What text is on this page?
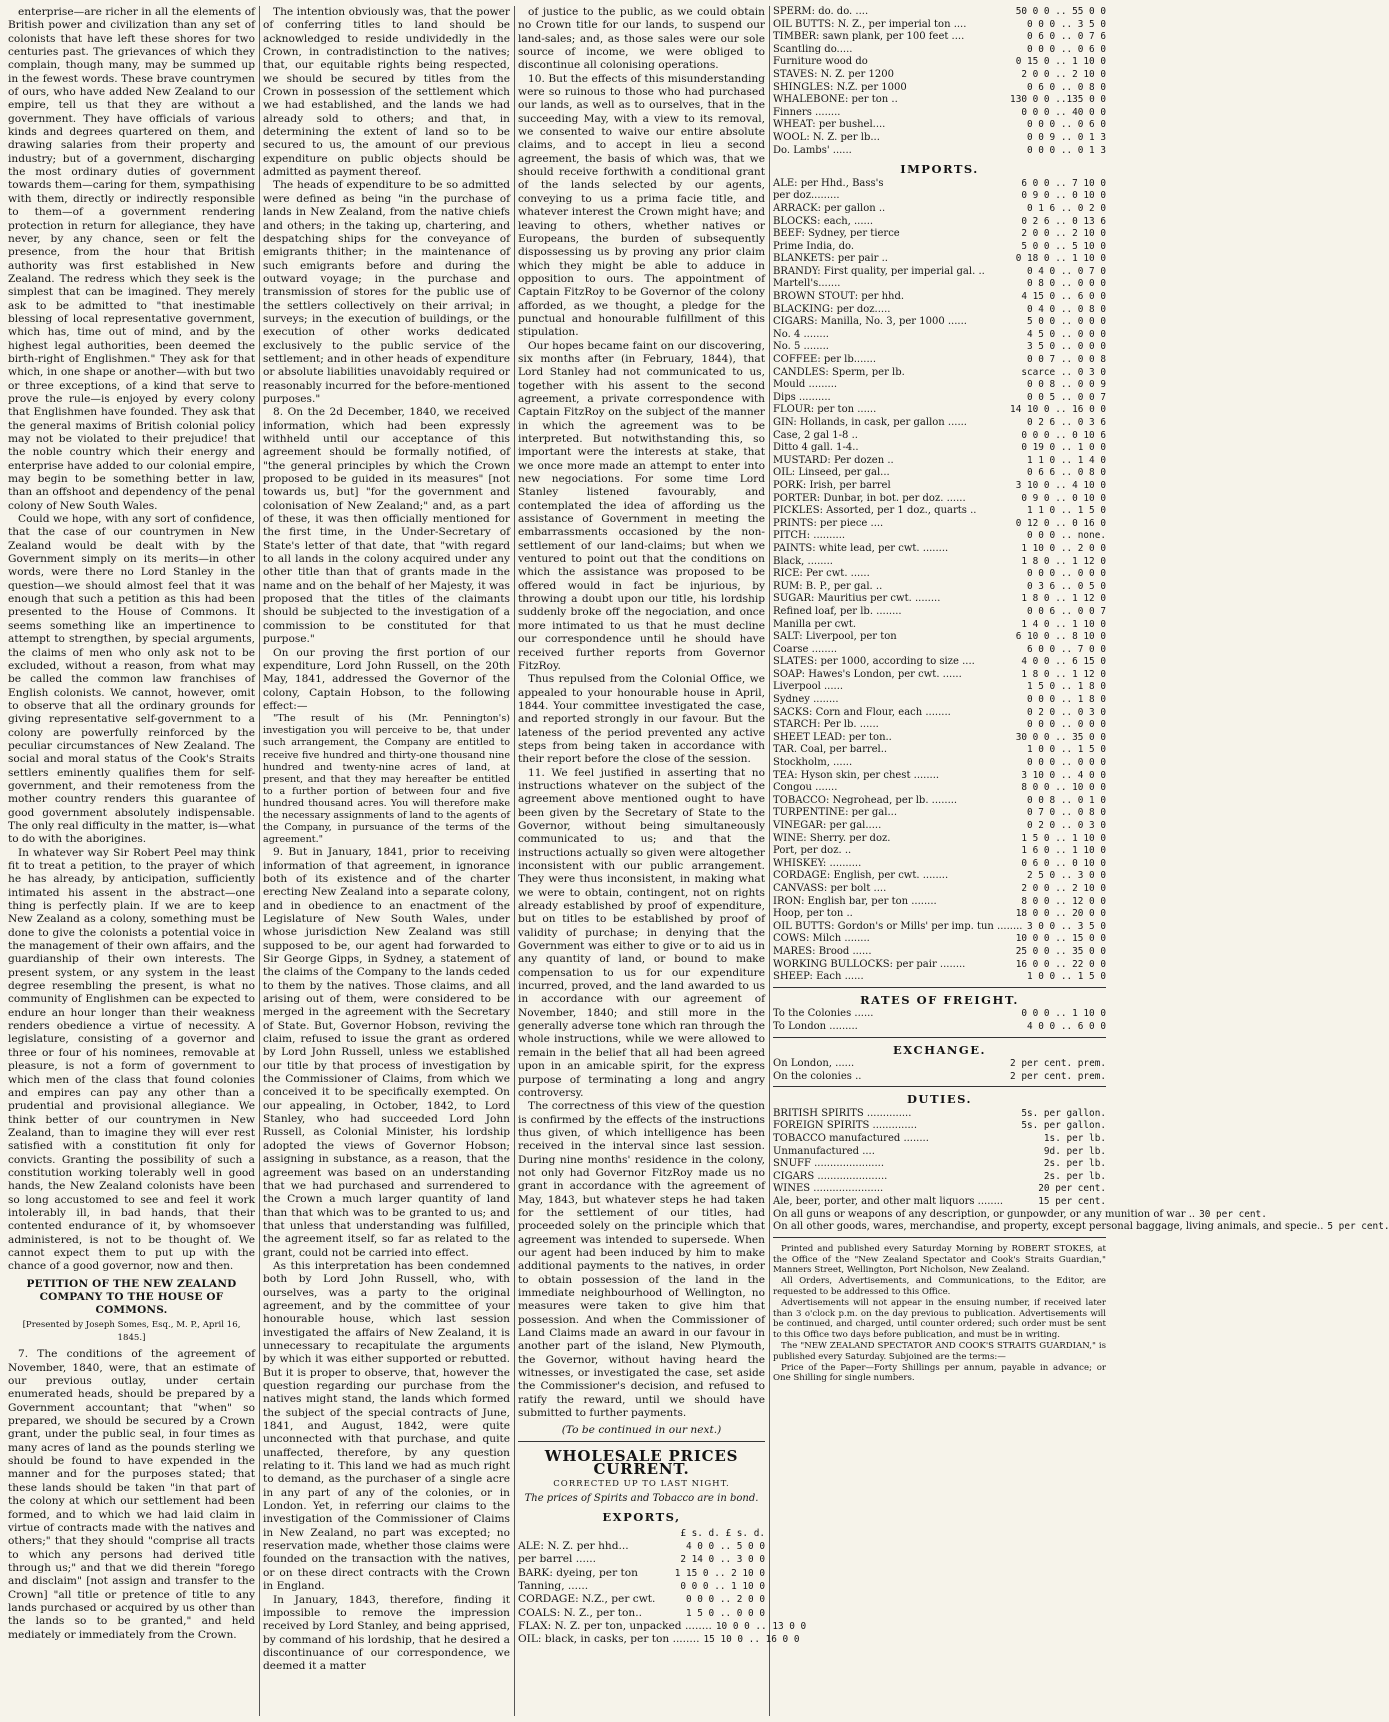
enterprise—are richer in all the elements of British power and civilization than any set of colonists that have left these shores for two centuries past. The grievances of which they complain, though many, may be summed up in the fewest words. These brave countrymen of ours, who have added New Zealand to our empire, tell us that they are without a government. They have officials of various kinds and degrees quartered on them, and drawing salaries from their property and industry; but of a government, discharging the most ordinary duties of government towards them—caring for them, sympathising with them, directly or indirectly responsible to them—of a government rendering protection in return for allegiance, they have never, by any chance, seen or felt the presence, from the hour that British authority was first established in New Zealand. The redress which they seek is the simplest that can be imagined. They merely ask to be admitted to "that inestimable blessing of local representative government, which has, time out of mind, and by the highest legal authorities, been deemed the birth-right of Englishmen." They ask for that which, in one shape or another—with but two or three exceptions, of a kind that serve to prove the rule—is enjoyed by every colony that Englishmen have founded. They ask that the general maxims of British colonial policy may not be violated to their prejudice! that the noble country which their energy and enterprise have added to our colonial empire, may begin to be something better in law, than an offshoot and dependency of the penal colony of New South Wales.

Could we hope, with any sort of confidence, that the case of our countrymen in New Zealand would be dealt with by the Government simply on its merits—in other words, were there no Lord Stanley in the question—we should almost feel that it was enough that such a petition as this had been presented to the House of Commons. It seems something like an impertinence to attempt to strengthen, by special arguments, the claims of men who only ask not to be excluded, without a reason, from what may be called the common law franchises of English colonists. We cannot, however, omit to observe that all the ordinary grounds for giving representative self-government to a colony are powerfully reinforced by the peculiar circumstances of New Zealand. The social and moral status of the Cook's Straits settlers eminently qualifies them for self-government, and their remoteness from the mother country renders this guarantee of good government absolutely indispensable. The only real difficulty in the matter, is—what to do with the aborigines.

In whatever way Sir Robert Peel may think fit to treat a petition, to the prayer of which he has already, by anticipation, sufficiently intimated his assent in the abstract—one thing is perfectly plain. If we are to keep New Zealand as a colony, something must be done to give the colonists a potential voice in the management of their own affairs, and the guardianship of their own interests. The present system, or any system in the least degree resembling the present, is what no community of Englishmen can be expected to endure an hour longer than their weakness renders obedience a virtue of necessity. A legislature, consisting of a governor and three or four of his nominees, removable at pleasure, is not a form of government to which men of the class that found colonies and empires can pay any other than a prudential and provisional allegiance. We think better of our countrymen in New Zealand, than to imagine they will ever rest satisfied with a constitution fit only for convicts. Granting the possibility of such a constitution working tolerably well in good hands, the New Zealand colonists have been so long accustomed to see and feel it work intolerably ill, in bad hands, that their contented endurance of it, by whomsoever administered, is not to be thought of. We cannot expect them to put up with the chance of a good governor, now and then.

PETITION OF THE NEW ZEALAND COMPANY TO THE HOUSE OF COMMONS.
[Presented by Joseph Somes, Esq., M. P., April 16, 1845.]

7. The conditions of the agreement of November, 1840, were, that an estimate of our previous outlay, under certain enumerated heads, should be prepared by a Government accountant; that "when" so prepared, we should be secured by a Crown grant, under the public seal, in four times as many acres of land as the pounds sterling we should be found to have expended in the manner and for the purposes stated; that these lands should be taken "in that part of the colony at which our settlement had been formed, and to which we had laid claim in virtue of contracts made with the natives and others;" that they should "comprise all tracts to which any persons had derived title through us;" and that we did therein "forego and disclaim" [not assign and transfer to the Crown] "all title or pretence of title to any lands purchased or acquired by us other than the lands so to be granted," and held mediately or immediately from the Crown.

The intention obviously was, that the power of conferring titles to land should be acknowledged to reside undividedly in the Crown, in contradistinction to the natives; that, our equitable rights being respected, we should be secured by titles from the Crown in possession of the settlement which we had established, and the lands we had already sold to others; and that, in determining the extent of land so to be secured to us, the amount of our previous expenditure on public objects should be admitted as payment thereof.

The heads of expenditure to be so admitted were defined as being "in the purchase of lands in New Zealand, from the native chiefs and others; in the taking up, chartering, and despatching ships for the conveyance of emigrants thither; in the maintenance of such emigrants before and during the outward voyage; in the purchase and transmission of stores for the public use of the settlers collectively on their arrival; in surveys; in the execution of buildings, or the execution of other works dedicated exclusively to the public service of the settlement; and in other heads of expenditure or absolute liabilities unavoidably required or reasonably incurred for the before-mentioned purposes."

8. On the 2d December, 1840, we received information, which had been expressly withheld until our acceptance of this agreement should be formally notified, of "the general principles by which the Crown proposed to be guided in its measures" [not towards us, but] "for the government and colonisation of New Zealand;" and, as a part of these, it was then officially mentioned for the first time, in the Under-Secretary of State's letter of that date, that "with regard to all lands in the colony acquired under any other title than that of grants made in the name and on the behalf of her Majesty, it was proposed that the titles of the claimants should be subjected to the investigation of a commission to be constituted for that purpose."

On our proving the first portion of our expenditure, Lord John Russell, on the 20th May, 1841, addressed the Governor of the colony, Captain Hobson, to the following effect:—

"The result of his (Mr. Pennington's) investigation you will perceive to be, that under such arrangement, the Company are entitled to receive five hundred and thirty-one thousand nine hundred and twenty-nine acres of land, at present, and that they may hereafter be entitled to a further portion of between four and five hundred thousand acres. You will therefore make the necessary assignments of land to the agents of the Company, in pursuance of the terms of the agreement."

9. But in January, 1841, prior to receiving information of that agreement, in ignorance both of its existence and of the charter erecting New Zealand into a separate colony, and in obedience to an enactment of the Legislature of New South Wales, under whose jurisdiction New Zealand was still supposed to be, our agent had forwarded to Sir George Gipps, in Sydney, a statement of the claims of the Company to the lands ceded to them by the natives. Those claims, and all arising out of them, were considered to be merged in the agreement with the Secretary of State. But, Governor Hobson, reviving the claim, refused to issue the grant as ordered by Lord John Russell, unless we established our title by that process of investigation by the Commissioner of Claims, from which we conceived it to be specifically exempted. On our appealing, in October, 1842, to Lord Stanley, who had succeeded Lord John Russell, as Colonial Minister, his lordship adopted the views of Governor Hobson; assigning in substance, as a reason, that the agreement was based on an understanding that we had purchased and surrendered to the Crown a much larger quantity of land than that which was to be granted to us; and that unless that understanding was fulfilled, the agreement itself, so far as related to the grant, could not be carried into effect.

As this interpretation has been condemned both by Lord John Russell, who, with ourselves, was a party to the original agreement, and by the committee of your honourable house, which last session investigated the affairs of New Zealand, it is unnecessary to recapitulate the arguments by which it was either supported or rebutted. But it is proper to observe, that, however the question regarding our purchase from the natives might stand, the lands which formed the subject of the special contracts of June, 1841, and August, 1842, were quite unconnected with that purchase, and quite unaffected, therefore, by any question relating to it. This land we had as much right to demand, as the purchaser of a single acre in any part of any of the colonies, or in London. Yet, in referring our claims to the investigation of the Commissioner of Claims in New Zealand, no part was excepted; no reservation made, whether those claims were founded on the transaction with the natives, or on these direct contracts with the Crown in England.

In January, 1843, therefore, finding it impossible to remove the impression received by Lord Stanley, and being apprised, by command of his lordship, that he desired a discontinuance of our correspondence, we deemed it a matter

of justice to the public, as we could obtain no Crown title for our lands, to suspend our land-sales; and, as those sales were our sole source of income, we were obliged to discontinue all colonising operations.

10. But the effects of this misunderstanding were so ruinous to those who had purchased our lands, as well as to ourselves, that in the succeeding May, with a view to its removal, we consented to waive our entire absolute claims, and to accept in lieu a second agreement, the basis of which was, that we should receive forthwith a conditional grant of the lands selected by our agents, conveying to us a prima facie title, and whatever interest the Crown might have; and leaving to others, whether natives or Europeans, the burden of subsequently dispossessing us by proving any prior claim which they might be able to adduce in opposition to ours. The appointment of Captain FitzRoy to be Governor of the colony afforded, as we thought, a pledge for the punctual and honourable fulfillment of this stipulation.

Our hopes became faint on our discovering, six months after (in February, 1844), that Lord Stanley had not communicated to us, together with his assent to the second agreement, a private correspondence with Captain FitzRoy on the subject of the manner in which the agreement was to be interpreted. But notwithstanding this, so important were the interests at stake, that we once more made an attempt to enter into new negociations. For some time Lord Stanley listened favourably, and contemplated the idea of affording us the assistance of Government in meeting the embarrassments occasioned by the non-settlement of our land-claims; but when we ventured to point out that the conditions on which the assistance was proposed to be offered would in fact be injurious, by throwing a doubt upon our title, his lordship suddenly broke off the negociation, and once more intimated to us that he must decline our correspondence until he should have received further reports from Governor FitzRoy.

Thus repulsed from the Colonial Office, we appealed to your honourable house in April, 1844. Your committee investigated the case, and reported strongly in our favour. But the lateness of the period prevented any active steps from being taken in accordance with their report before the close of the session.

11. We feel justified in asserting that no instructions whatever on the subject of the agreement above mentioned ought to have been given by the Secretary of State to the Governor, without being simultaneously communicated to us; and that the instructions actually so given were altogether inconsistent with our public arrangement. They were thus inconsistent, in making what we were to obtain, contingent, not on rights already established by proof of expenditure, but on titles to be established by proof of validity of purchase; in denying that the Government was either to give or to aid us in any quantity of land, or bound to make compensation to us for our expenditure incurred, proved, and the land awarded to us in accordance with our agreement of November, 1840; and still more in the generally adverse tone which ran through the whole instructions, while we were allowed to remain in the belief that all had been agreed upon in an amicable spirit, for the express purpose of terminating a long and angry controversy.

The correctness of this view of the question is confirmed by the effects of the instructions thus given, of which intelligence has been received in the interval since last session. During nine months' residence in the colony, not only had Governor FitzRoy made us no grant in accordance with the agreement of May, 1843, but whatever steps he had taken for the settlement of our titles, had proceeded solely on the principle which that agreement was intended to supersede. When our agent had been induced by him to make additional payments to the natives, in order to obtain possession of the land in the immediate neighbourhood of Wellington, no measures were taken to give him that possession. And when the Commissioner of Land Claims made an award in our favour in another part of the island, New Plymouth, the Governor, without having heard the witnesses, or investigated the case, set aside the Commissioner's decision, and refused to ratify the reward, until we should have submitted to further payments.

(To be continued in our next.)
WHOLESALE PRICES CURRENT.
CORRECTED UP TO LAST NIGHT.
The prices of Spirits and Tobacco are in bond.
EXPORTS,
£ s. d. £ s. d.
ALE: N. Z. per hhd...	4 0 0 .. 5 0 0
per barrel ......	2 14 0 .. 3 0 0
BARK: dyeing, per ton	1 15 0 .. 2 10 0
Tanning, ......	0 0 0 .. 1 10 0
CORDAGE: N.Z., per cwt.	0 0 0 .. 2 0 0
COALS: N. Z., per ton..	1 5 0 .. 0 0 0
FLAX: N. Z. per ton, unpacked ........ 10 0 0 .. 13 0 0
OIL: black, in casks, per ton ........ 15 10 0 .. 16 0 0
SPERM: do. do. ....	50 0 0 .. 55 0 0
OIL BUTTS: N. Z., per imperial ton ....	0 0 0 .. 3 5 0
TIMBER: sawn plank, per 100 feet ....	0 6 0 .. 0 7 6
Scantling do.....	0 0 0 .. 0 6 0
Furniture wood do	0 15 0 .. 1 10 0
STAVES: N. Z. per 1200	2 0 0 .. 2 10 0
SHINGLES: N.Z. per 1000	0 6 0 .. 0 8 0
WHALEBONE: per ton ..	130 0 0 ..135 0 0
Finners ........	0 0 0 .. 40 0 0
WHEAT: per bushel....	0 0 0 .. 0 6 0
WOOL: N. Z. per lb...	0 0 9 .. 0 1 3
Do. Lambs' ......	0 0 0 .. 0 1 3
IMPORTS.
ALE: per Hhd., Bass's	6 0 0 .. 7 10 0
per doz.........	0 9 0 .. 0 10 0
ARRACK: per gallon ..	0 1 6 .. 0 2 0
BLOCKS: each, ......	0 2 6 .. 0 13 6
BEEF: Sydney, per tierce	2 0 0 .. 2 10 0
Prime India, do.	5 0 0 .. 5 10 0
BLANKETS: per pair ..	0 18 0 .. 1 10 0
BRANDY: First quality, per imperial gal. ..	0 4 0 .. 0 7 0
Martell's.......	0 8 0 .. 0 0 0
BROWN STOUT: per hhd.	4 15 0 .. 6 0 0
BLACKING: per doz.....	0 4 0 .. 0 8 0
CIGARS: Manilla, No. 3, per 1000 ......	5 0 0 .. 0 0 0
No. 4 ........	4 5 0 .. 0 0 0
No. 5 ........	3 5 0 .. 0 0 0
COFFEE: per lb.......	0 0 7 .. 0 0 8
CANDLES: Sperm, per lb.	scarce .. 0 3 0
Mould .........	0 0 8 .. 0 0 9
Dips ..........	0 0 5 .. 0 0 7
FLOUR: per ton ......	14 10 0 .. 16 0 0
GIN: Hollands, in cask, per gallon ......	0 2 6 .. 0 3 6
Case, 2 gal 1-8 ..	0 0 0 .. 0 10 6
Ditto 4 gall. 1-4..	0 19 0 .. 1 0 0
MUSTARD: Per dozen ..	1 1 0 .. 1 4 0
OIL: Linseed, per gal...	0 6 6 .. 0 8 0
PORK: Irish, per barrel	3 10 0 .. 4 10 0
PORTER: Dunbar, in bot. per doz. ......	0 9 0 .. 0 10 0
PICKLES: Assorted, per 1 doz., quarts ..	1 1 0 .. 1 5 0
PRINTS: per piece ....	0 12 0 .. 0 16 0
PITCH: ..........	0 0 0 .. none.
PAINTS: white lead, per cwt. ........	1 10 0 .. 2 0 0
Black, ........	1 8 0 .. 1 12 0
RICE: Per cwt. ......	0 0 0 .. 0 0 0
RUM: B. P., per gal. ..	0 3 6 .. 0 5 0
SUGAR: Mauritius per cwt. ........	1 8 0 .. 1 12 0
Refined loaf, per lb. ........	0 0 6 .. 0 0 7
Manilla per cwt.	1 4 0 .. 1 10 0
SALT: Liverpool, per ton	6 10 0 .. 8 10 0
Coarse ........	6 0 0 .. 7 0 0
SLATES: per 1000, according to size ....	4 0 0 .. 6 15 0
SOAP: Hawes's London, per cwt. ......	1 8 0 .. 1 12 0
Liverpool ......	1 5 0 .. 1 8 0
Sydney ........	0 0 0 .. 1 8 0
SACKS: Corn and Flour, each ........	0 2 0 .. 0 3 0
STARCH: Per lb. ......	0 0 0 .. 0 0 0
SHEET LEAD: per ton..	30 0 0 .. 35 0 0
TAR. Coal, per barrel..	1 0 0 .. 1 5 0
Stockholm, ......	0 0 0 .. 0 0 0
TEA: Hyson skin, per chest ........	3 10 0 .. 4 0 0
Congou .......	8 0 0 .. 10 0 0
TOBACCO: Negrohead, per lb. ........	0 0 8 .. 0 1 0
TURPENTINE: per gal...	0 7 0 .. 0 8 0
VINEGAR: per gal.....	0 2 0 .. 0 3 0
WINE: Sherry. per doz.	1 5 0 .. 1 10 0
Port, per doz. ..	1 6 0 .. 1 10 0
WHISKEY: ..........	0 6 0 .. 0 10 0
CORDAGE: English, per cwt. ........	2 5 0 .. 3 0 0
CANVASS: per bolt ....	2 0 0 .. 2 10 0
IRON: English bar, per ton ........	8 0 0 .. 12 0 0
Hoop, per ton ..	18 0 0 .. 20 0 0
OIL BUTTS: Gordon's or Mills' per imp. tun ........ 3 0 0 .. 3 5 0
COWS: Milch ........	10 0 0 .. 15 0 0
MARES: Brood ......	25 0 0 .. 35 0 0
WORKING BULLOCKS: per pair ........	16 0 0 .. 22 0 0
SHEEP: Each ......	1 0 0 .. 1 5 0
RATES OF FREIGHT.
To the Colonies ......	0 0 0 .. 1 10 0
To London .........	4 0 0 .. 6 0 0
EXCHANGE.
On London, ......	2 per cent. prem.
On the colonies ..	2 per cent. prem.
DUTIES.
BRITISH SPIRITS ..............	5s. per gallon.
FOREIGN SPIRITS ..............	5s. per gallon.
TOBACCO manufactured ........	1s. per lb.
Unmanufactured ....	9d. per lb.
SNUFF ......................	2s. per lb.
CIGARS ......................	2s. per lb.
WINES ......................	20 per cent.
Ale, beer, porter, and other malt liquors ........	15 per cent.
On all guns or weapons of any description, or gunpowder, or any munition of war .. 30 per cent.
On all other goods, wares, merchandise, and property, except personal baggage, living animals, and specie.. 5 per cent.

Printed and published every Saturday Morning by ROBERT STOKES, at the Office of the "New Zealand Spectator and Cook's Straits Guardian," Manners Street, Wellington, Port Nicholson, New Zealand.

All Orders, Advertisements, and Communications, to the Editor, are requested to be addressed to this Office.

Advertisements will not appear in the ensuing number, if received later than 3 o'clock p.m. on the day previous to publication. Advertisements will be continued, and charged, until counter ordered; such order must be sent to this Office two days before publication, and must be in writing.

The "NEW ZEALAND SPECTATOR AND COOK'S STRAITS GUARDIAN," is published every Saturday. Subjoined are the terms:—

Price of the Paper—Forty Shillings per annum, payable in advance; or One Shilling for single numbers.
